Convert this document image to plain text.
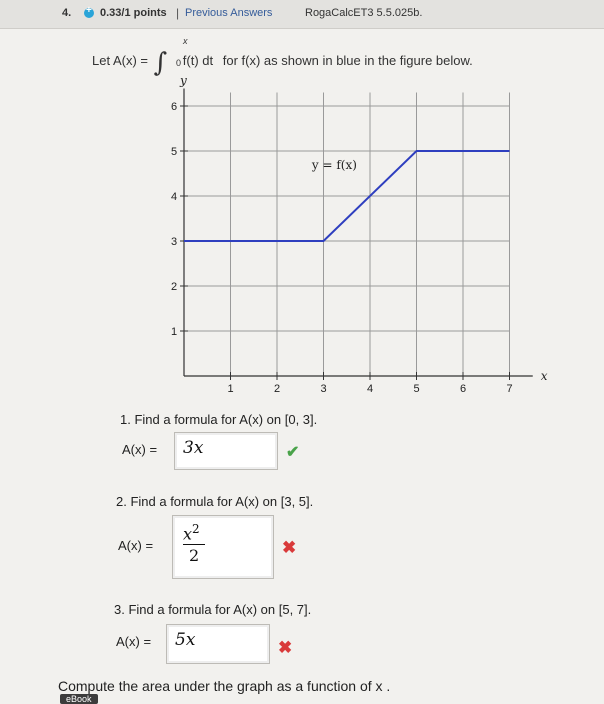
4.
+	0.33/1 points | Previous Answers	RogaCalcET3 5.5.025b.
Let A(x) = ∫
x
0 f(t) dt for f(x) as shown in blue in the figure below.
1	2	3	4	5	6	7
1
2
3
4
5
6
x
y
y = f(x)
1. Find a formula for A(x) on [0, 3].
A(x) = 3x	✔
2. Find a formula for A(x) on [3, 5].
A(x) =
$x^2$
2	✖
3. Find a formula for A(x) on [5, 7].
A(x) = 5x	✖
Compute the area under the graph as a function of x .
eBook
